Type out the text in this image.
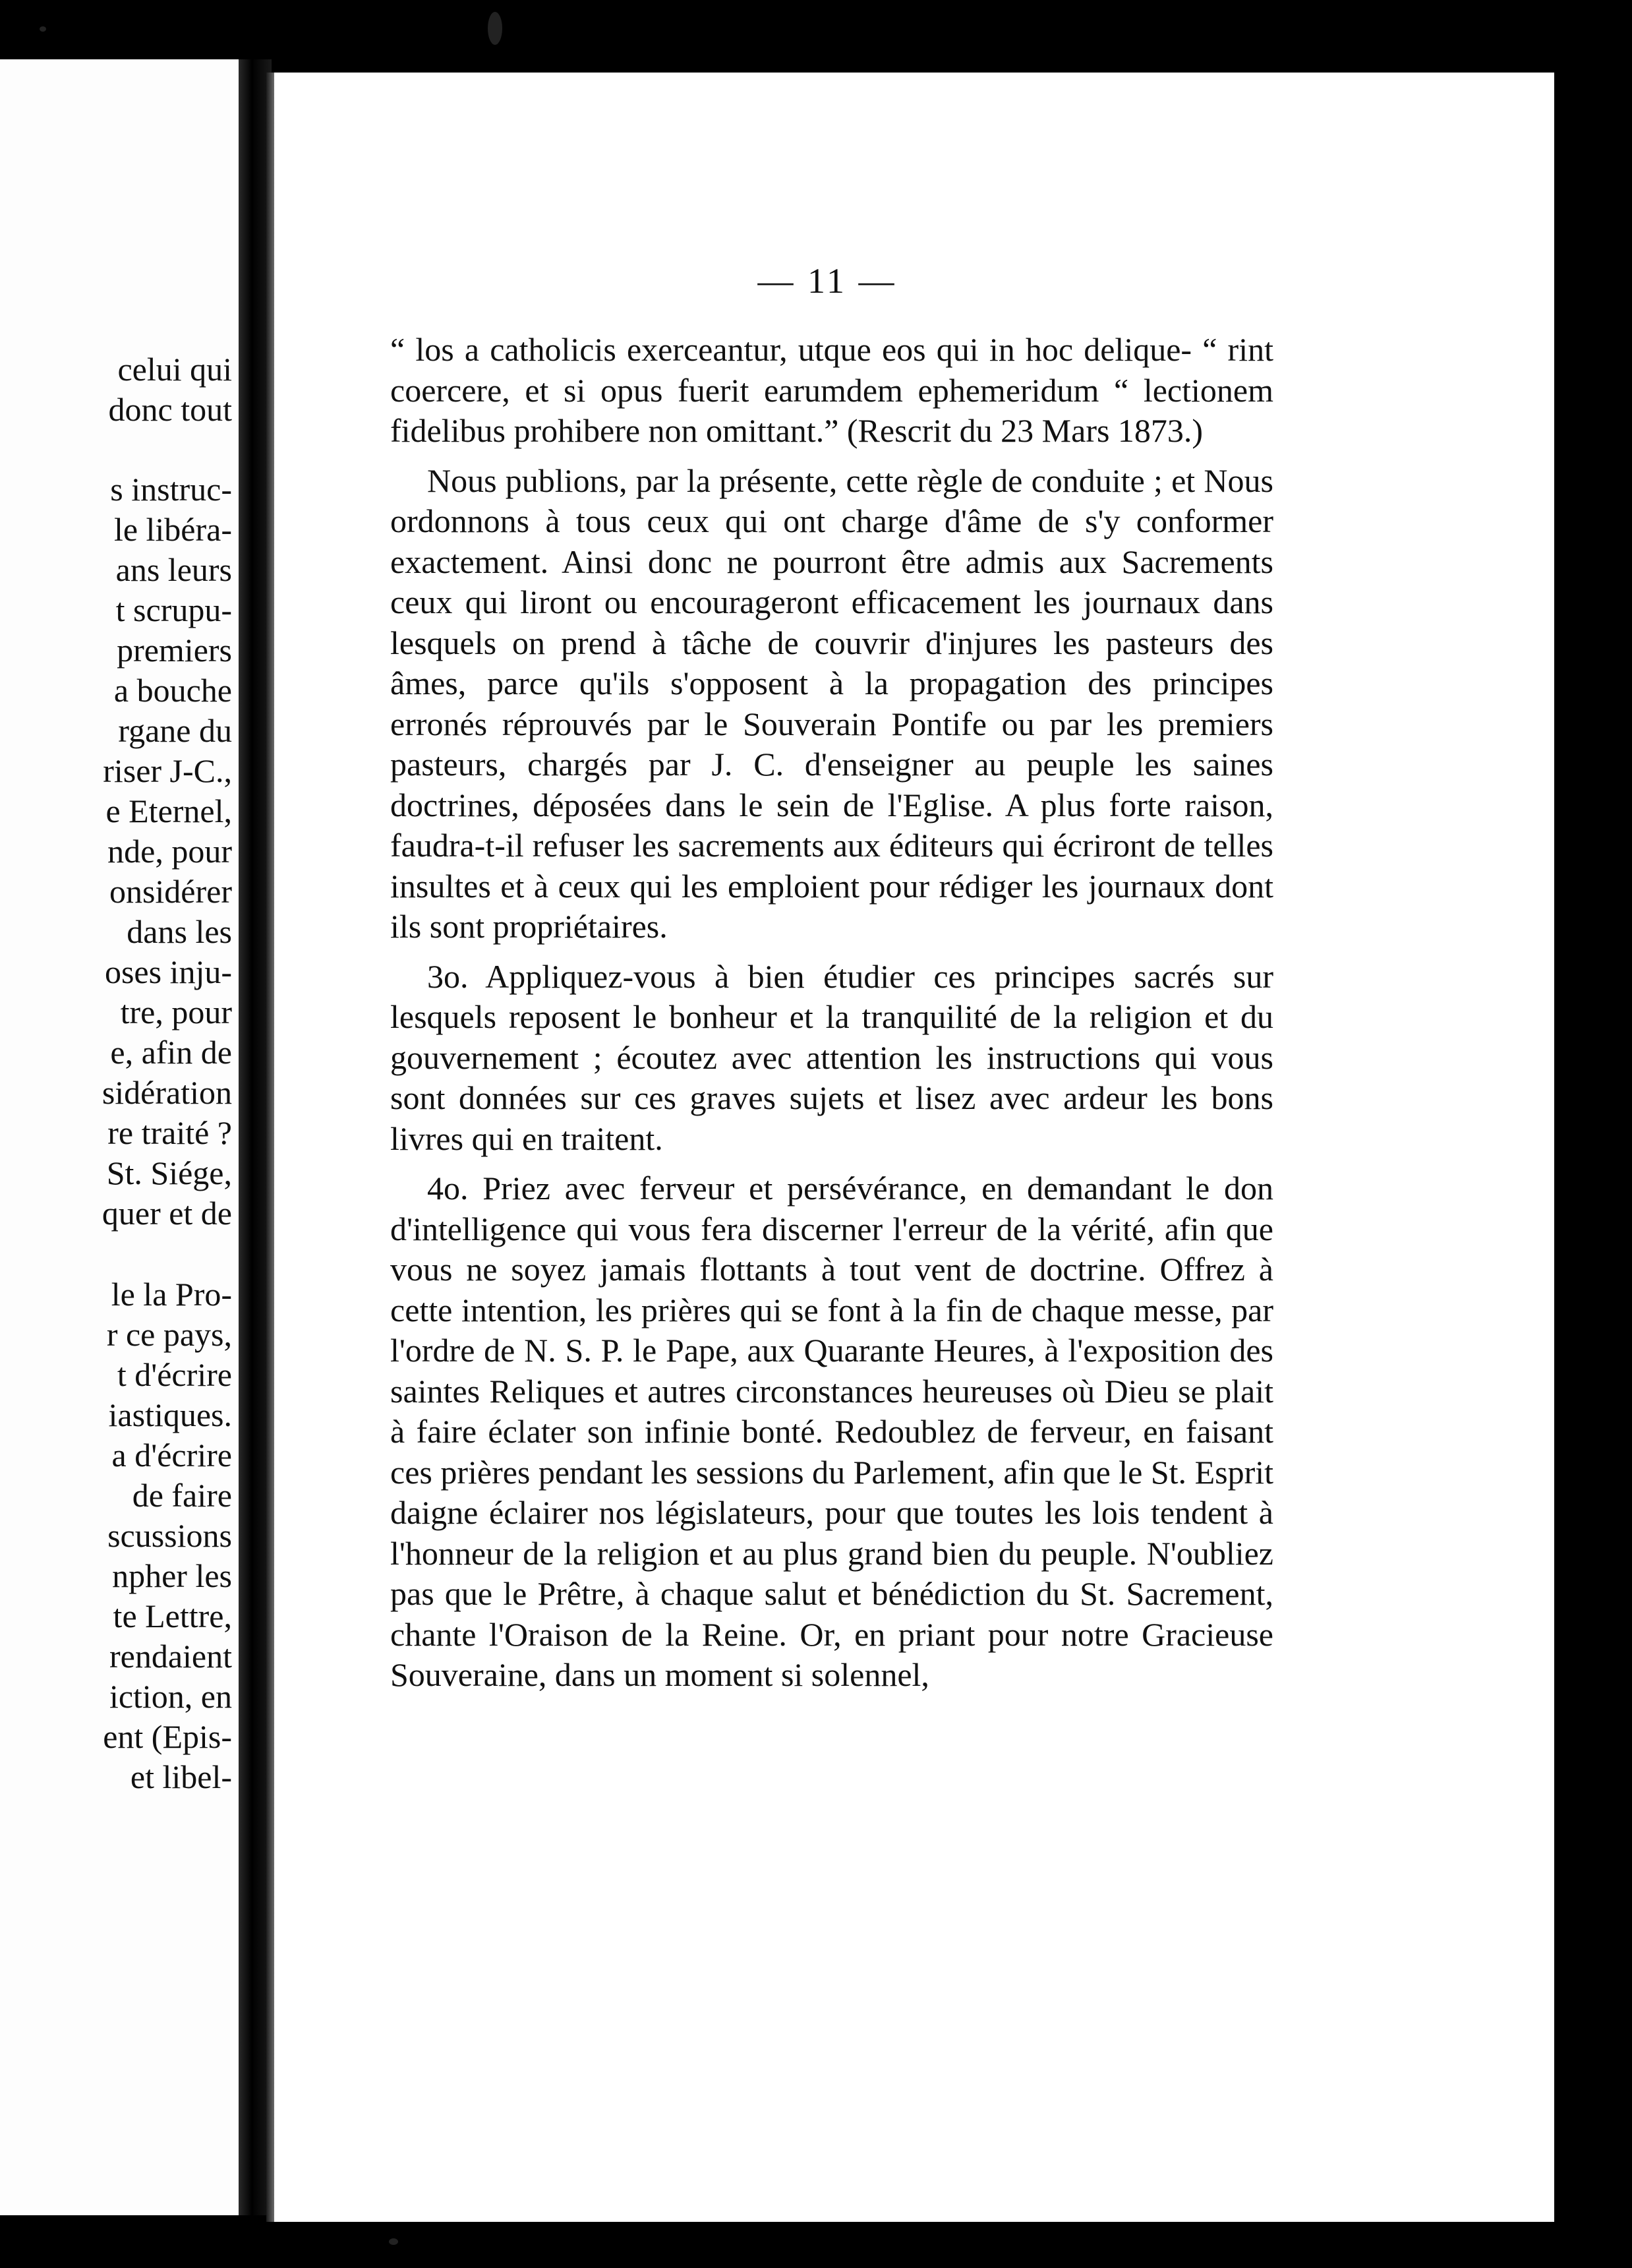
celui qui
donc tout
s instruc-
le libéra-
ans leurs
t scrupu-
premiers
a bouche
rgane du
riser J-C.,
e Eternel,
nde, pour
onsidérer
dans les
oses inju-
tre, pour
e, afin de
sidération
re traité ?
St. Siége,
quer et de
le la Pro-
r ce pays,
t d'écrire
iastiques.
a d'écrire
de faire
scussions
npher les
te Lettre,
rendaient
iction, en
ent (Epis-
et libel-
— 11 —

“ los a catholicis exerceantur, utque eos qui in hoc delique- “ rint coercere, et si opus fuerit earumdem ephemeridum “ lectionem fidelibus prohibere non omittant.” (Rescrit du 23 Mars 1873.)

Nous publions, par la présente, cette règle de conduite ; et Nous ordonnons à tous ceux qui ont charge d'âme de s'y conformer exactement. Ainsi donc ne pourront être admis aux Sacrements ceux qui liront ou encourageront efficacement les journaux dans lesquels on prend à tâche de couvrir d'injures les pasteurs des âmes, parce qu'ils s'opposent à la propagation des principes erronés réprouvés par le Souverain Pontife ou par les premiers pasteurs, chargés par J. C. d'enseigner au peuple les saines doctrines, déposées dans le sein de l'Eglise. A plus forte raison, faudra-t-il refuser les sacrements aux éditeurs qui écriront de telles insultes et à ceux qui les emploient pour rédiger les journaux dont ils sont propriétaires.

3o. Appliquez-vous à bien étudier ces principes sacrés sur lesquels reposent le bonheur et la tranquilité de la religion et du gouvernement ; écoutez avec attention les instructions qui vous sont données sur ces graves sujets et lisez avec ardeur les bons livres qui en traitent.

4o. Priez avec ferveur et persévérance, en demandant le don d'intelligence qui vous fera discerner l'erreur de la vérité, afin que vous ne soyez jamais flottants à tout vent de doctrine. Offrez à cette intention, les prières qui se font à la fin de chaque messe, par l'ordre de N. S. P. le Pape, aux Quarante Heures, à l'exposition des saintes Reliques et autres circonstances heureuses où Dieu se plait à faire éclater son infinie bonté. Redoublez de ferveur, en faisant ces prières pendant les sessions du Parlement, afin que le St. Esprit daigne éclairer nos législateurs, pour que toutes les lois tendent à l'honneur de la religion et au plus grand bien du peuple. N'oubliez pas que le Prêtre, à chaque salut et bénédiction du St. Sacrement, chante l'Oraison de la Reine. Or, en priant pour notre Gracieuse Souveraine, dans un moment si solennel,
